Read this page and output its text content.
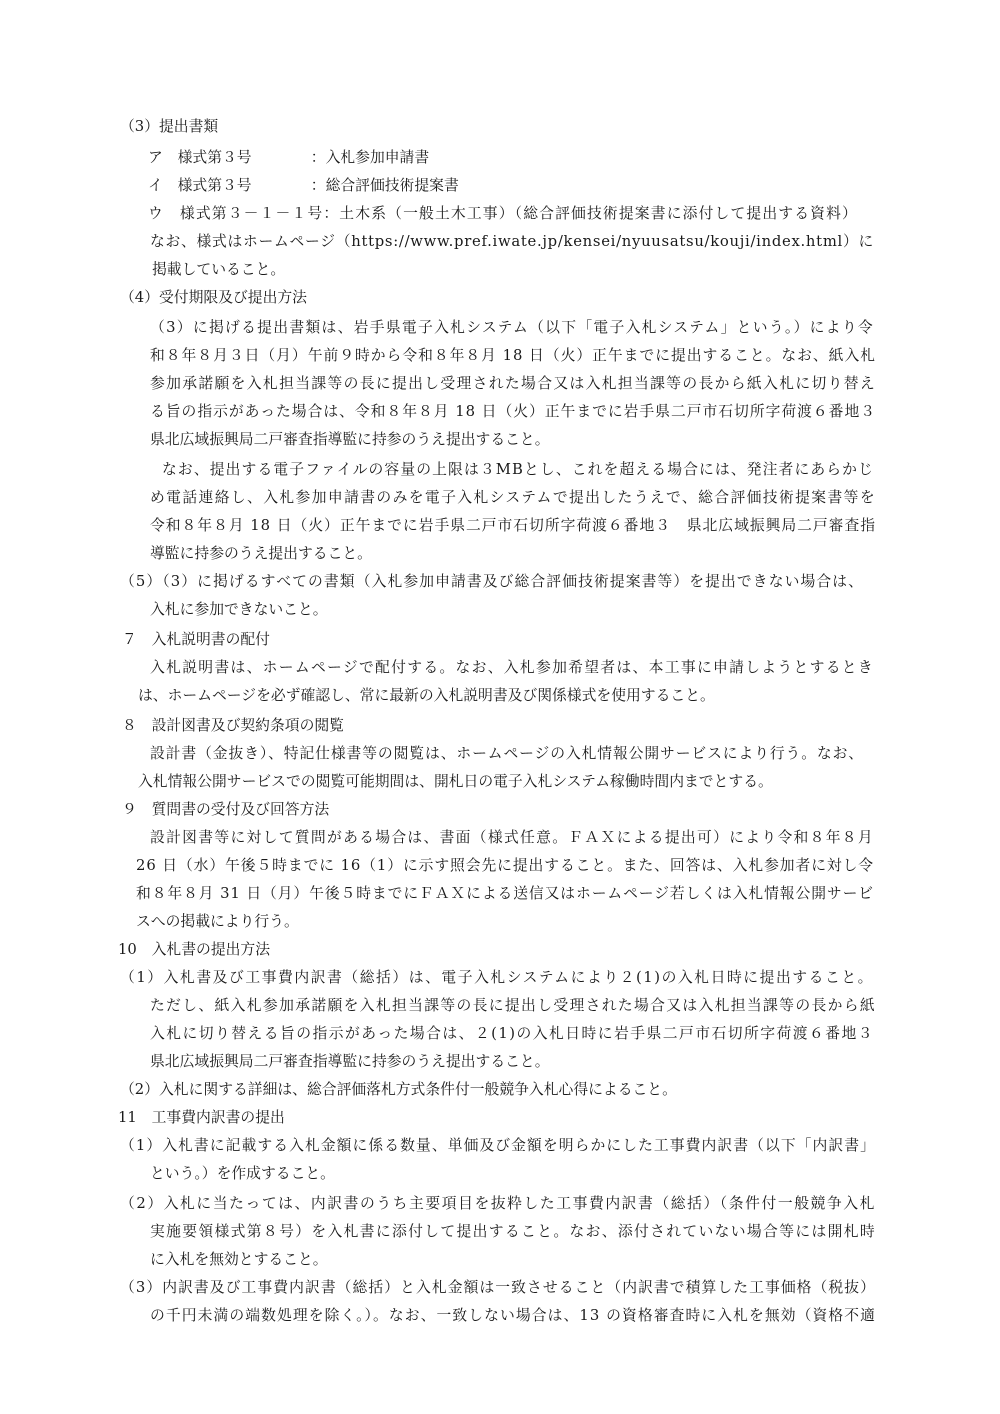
（3）提出書類
ア　様式第３号　　　　：入札参加申請書
イ　様式第３号　　　　：総合評価技術提案書
ウ　様式第３－１－１号：土木系（一般土木工事）（総合評価技術提案書に添付して提出する資料）
なお、様式はホームページ（https://www.pref.iwate.jp/kensei/nyuusatsu/kouji/index.html）に
掲載していること。
（4）受付期限及び提出方法
（3）に掲げる提出書類は、岩手県電子入札システム（以下「電子入札システム」という。）により令
和８年８月３日（月）午前９時から令和８年８月 18 日（火）正午までに提出すること。なお、紙入札
参加承諾願を入札担当課等の長に提出し受理された場合又は入札担当課等の長から紙入札に切り替え
る旨の指示があった場合は、令和８年８月 18 日（火）正午までに岩手県二戸市石切所字荷渡６番地３
県北広域振興局二戸審査指導監に持参のうえ提出すること。
なお、提出する電子ファイルの容量の上限は３MBとし、これを超える場合には、発注者にあらかじ
め電話連絡し、入札参加申請書のみを電子入札システムで提出したうえで、総合評価技術提案書等を
令和８年８月 18 日（火）正午までに岩手県二戸市石切所字荷渡６番地３　県北広域振興局二戸審査指
導監に持参のうえ提出すること。
（5）（3）に掲げるすべての書類（入札参加申請書及び総合評価技術提案書等）を提出できない場合は、
入札に参加できないこと。
７　入札説明書の配付
入札説明書は、ホームページで配付する。なお、入札参加希望者は、本工事に申請しようとするとき
は、ホームページを必ず確認し、常に最新の入札説明書及び関係様式を使用すること。
８　設計図書及び契約条項の閲覧
設計書（金抜き）、特記仕様書等の閲覧は、ホームページの入札情報公開サービスにより行う。なお、
入札情報公開サービスでの閲覧可能期間は、開札日の電子入札システム稼働時間内までとする。
９　質問書の受付及び回答方法
設計図書等に対して質問がある場合は、書面（様式任意。ＦＡＸによる提出可）により令和８年８月
26 日（水）午後５時までに 16（1）に示す照会先に提出すること。また、回答は、入札参加者に対し令
和８年８月 31 日（月）午後５時までにＦＡＸによる送信又はホームページ若しくは入札情報公開サービ
スへの掲載により行う。
10　入札書の提出方法
（1）入札書及び工事費内訳書（総括）は、電子入札システムにより２(1)の入札日時に提出すること。
ただし、紙入札参加承諾願を入札担当課等の長に提出し受理された場合又は入札担当課等の長から紙
入札に切り替える旨の指示があった場合は、２(1)の入札日時に岩手県二戸市石切所字荷渡６番地３
県北広域振興局二戸審査指導監に持参のうえ提出すること。
（2）入札に関する詳細は、総合評価落札方式条件付一般競争入札心得によること。
11　工事費内訳書の提出
（1）入札書に記載する入札金額に係る数量、単価及び金額を明らかにした工事費内訳書（以下「内訳書」
という。）を作成すること。
（2）入札に当たっては、内訳書のうち主要項目を抜粋した工事費内訳書（総括）（条件付一般競争入札
実施要領様式第８号）を入札書に添付して提出すること。なお、添付されていない場合等には開札時
に入札を無効とすること。
（3）内訳書及び工事費内訳書（総括）と入札金額は一致させること（内訳書で積算した工事価格（税抜）
の千円未満の端数処理を除く。）。なお、一致しない場合は、13 の資格審査時に入札を無効（資格不適
